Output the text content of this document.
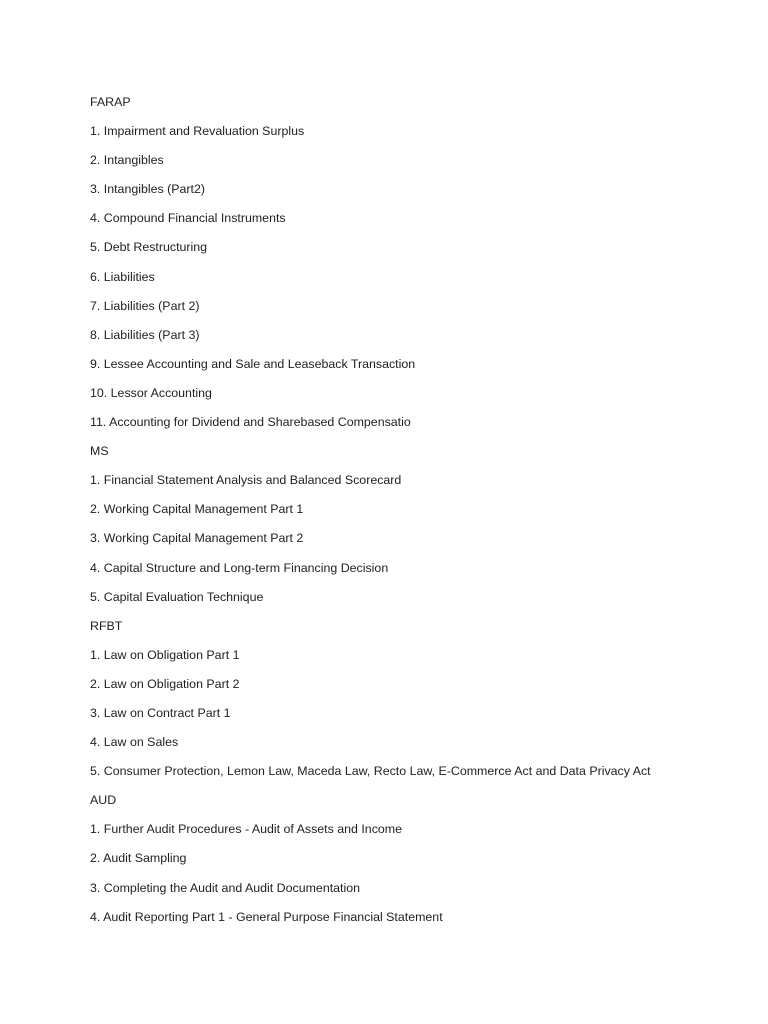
FARAP
1. Impairment and Revaluation Surplus
2. Intangibles
3. Intangibles (Part2)
4. Compound Financial Instruments
5. Debt Restructuring
6. Liabilities
7. Liabilities (Part 2)
8. Liabilities (Part 3)
9. Lessee Accounting and Sale and Leaseback Transaction
10. Lessor Accounting
11. Accounting for Dividend and Sharebased Compensatio
MS
1. Financial Statement Analysis and Balanced Scorecard
2. Working Capital Management Part 1
3. Working Capital Management Part 2
4. Capital Structure and Long-term Financing Decision
5. Capital Evaluation Technique
RFBT
1. Law on Obligation Part 1
2. Law on Obligation Part 2
3. Law on Contract Part 1
4. Law on Sales
5. Consumer Protection, Lemon Law, Maceda Law, Recto Law, E-Commerce Act and Data Privacy Act
AUD
1. Further Audit Procedures - Audit of Assets and Income
2. Audit Sampling
3. Completing the Audit and Audit Documentation
4. Audit Reporting Part 1 - General Purpose Financial Statement
